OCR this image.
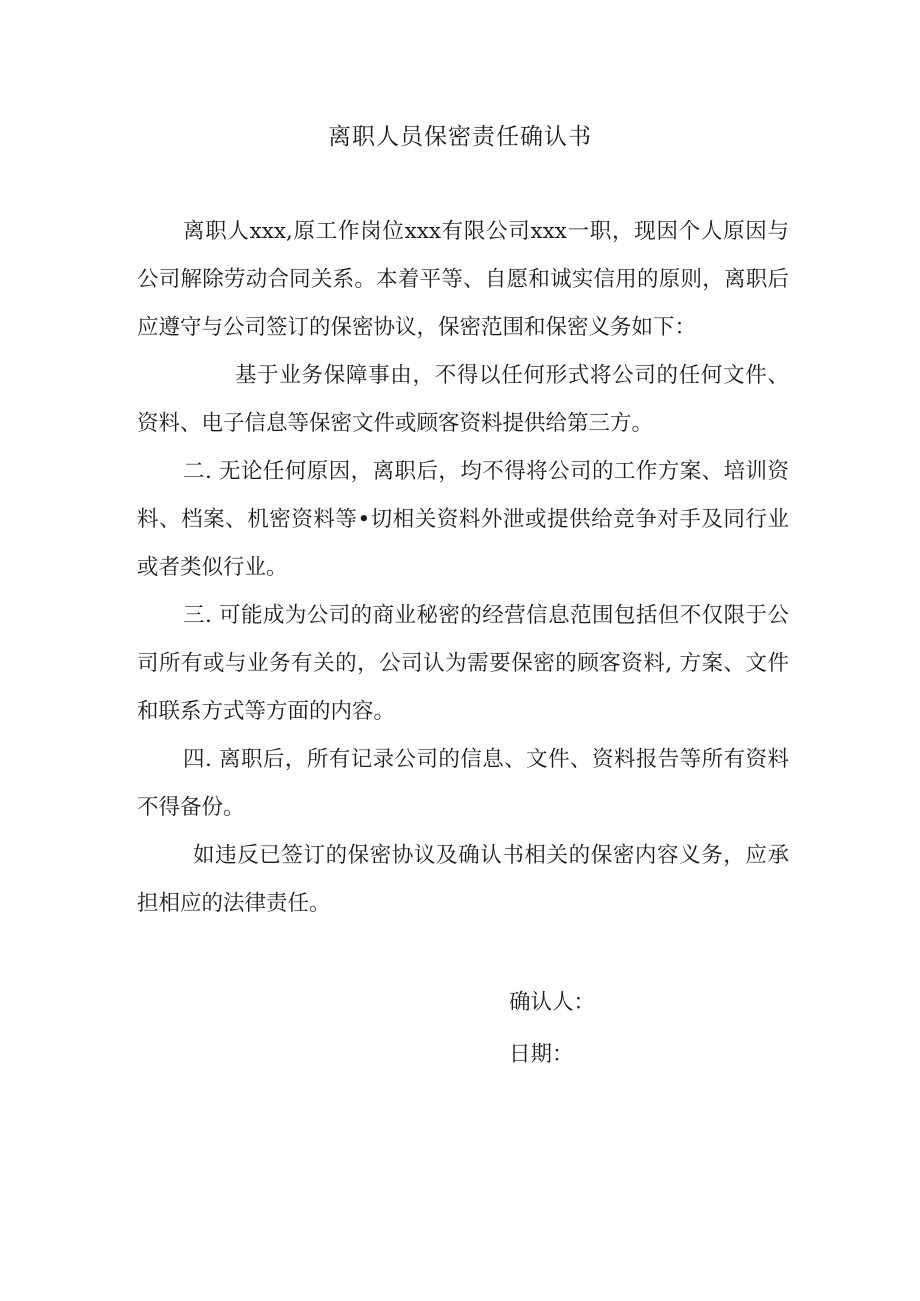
离职人员保密责任确认书

离职人xxx,原工作岗位xxx有限公司xxx一职，现因个人原因与公司解除劳动合同关系。本着平等、自愿和诚实信用的原则，离职后应遵守与公司签订的保密协议，保密范围和保密义务如下：

基于业务保障事由，不得以任何形式将公司的任何文件、资料、电子信息等保密文件或顾客资料提供给第三方。

二. 无论任何原因，离职后，均不得将公司的工作方案、培训资料、档案、机密资料等•切相关资料外泄或提供给竞争对手及同行业或者类似行业。

三. 可能成为公司的商业秘密的经营信息范围包括但不仅限于公司所有或与业务有关的，公司认为需要保密的顾客资料, 方案、文件和联系方式等方面的内容。

四. 离职后，所有记录公司的信息、文件、资料报告等所有资料不得备份。

如违反已签订的保密协议及确认书相关的保密内容义务，应承担相应的法律责任。

确认人：
日期：
